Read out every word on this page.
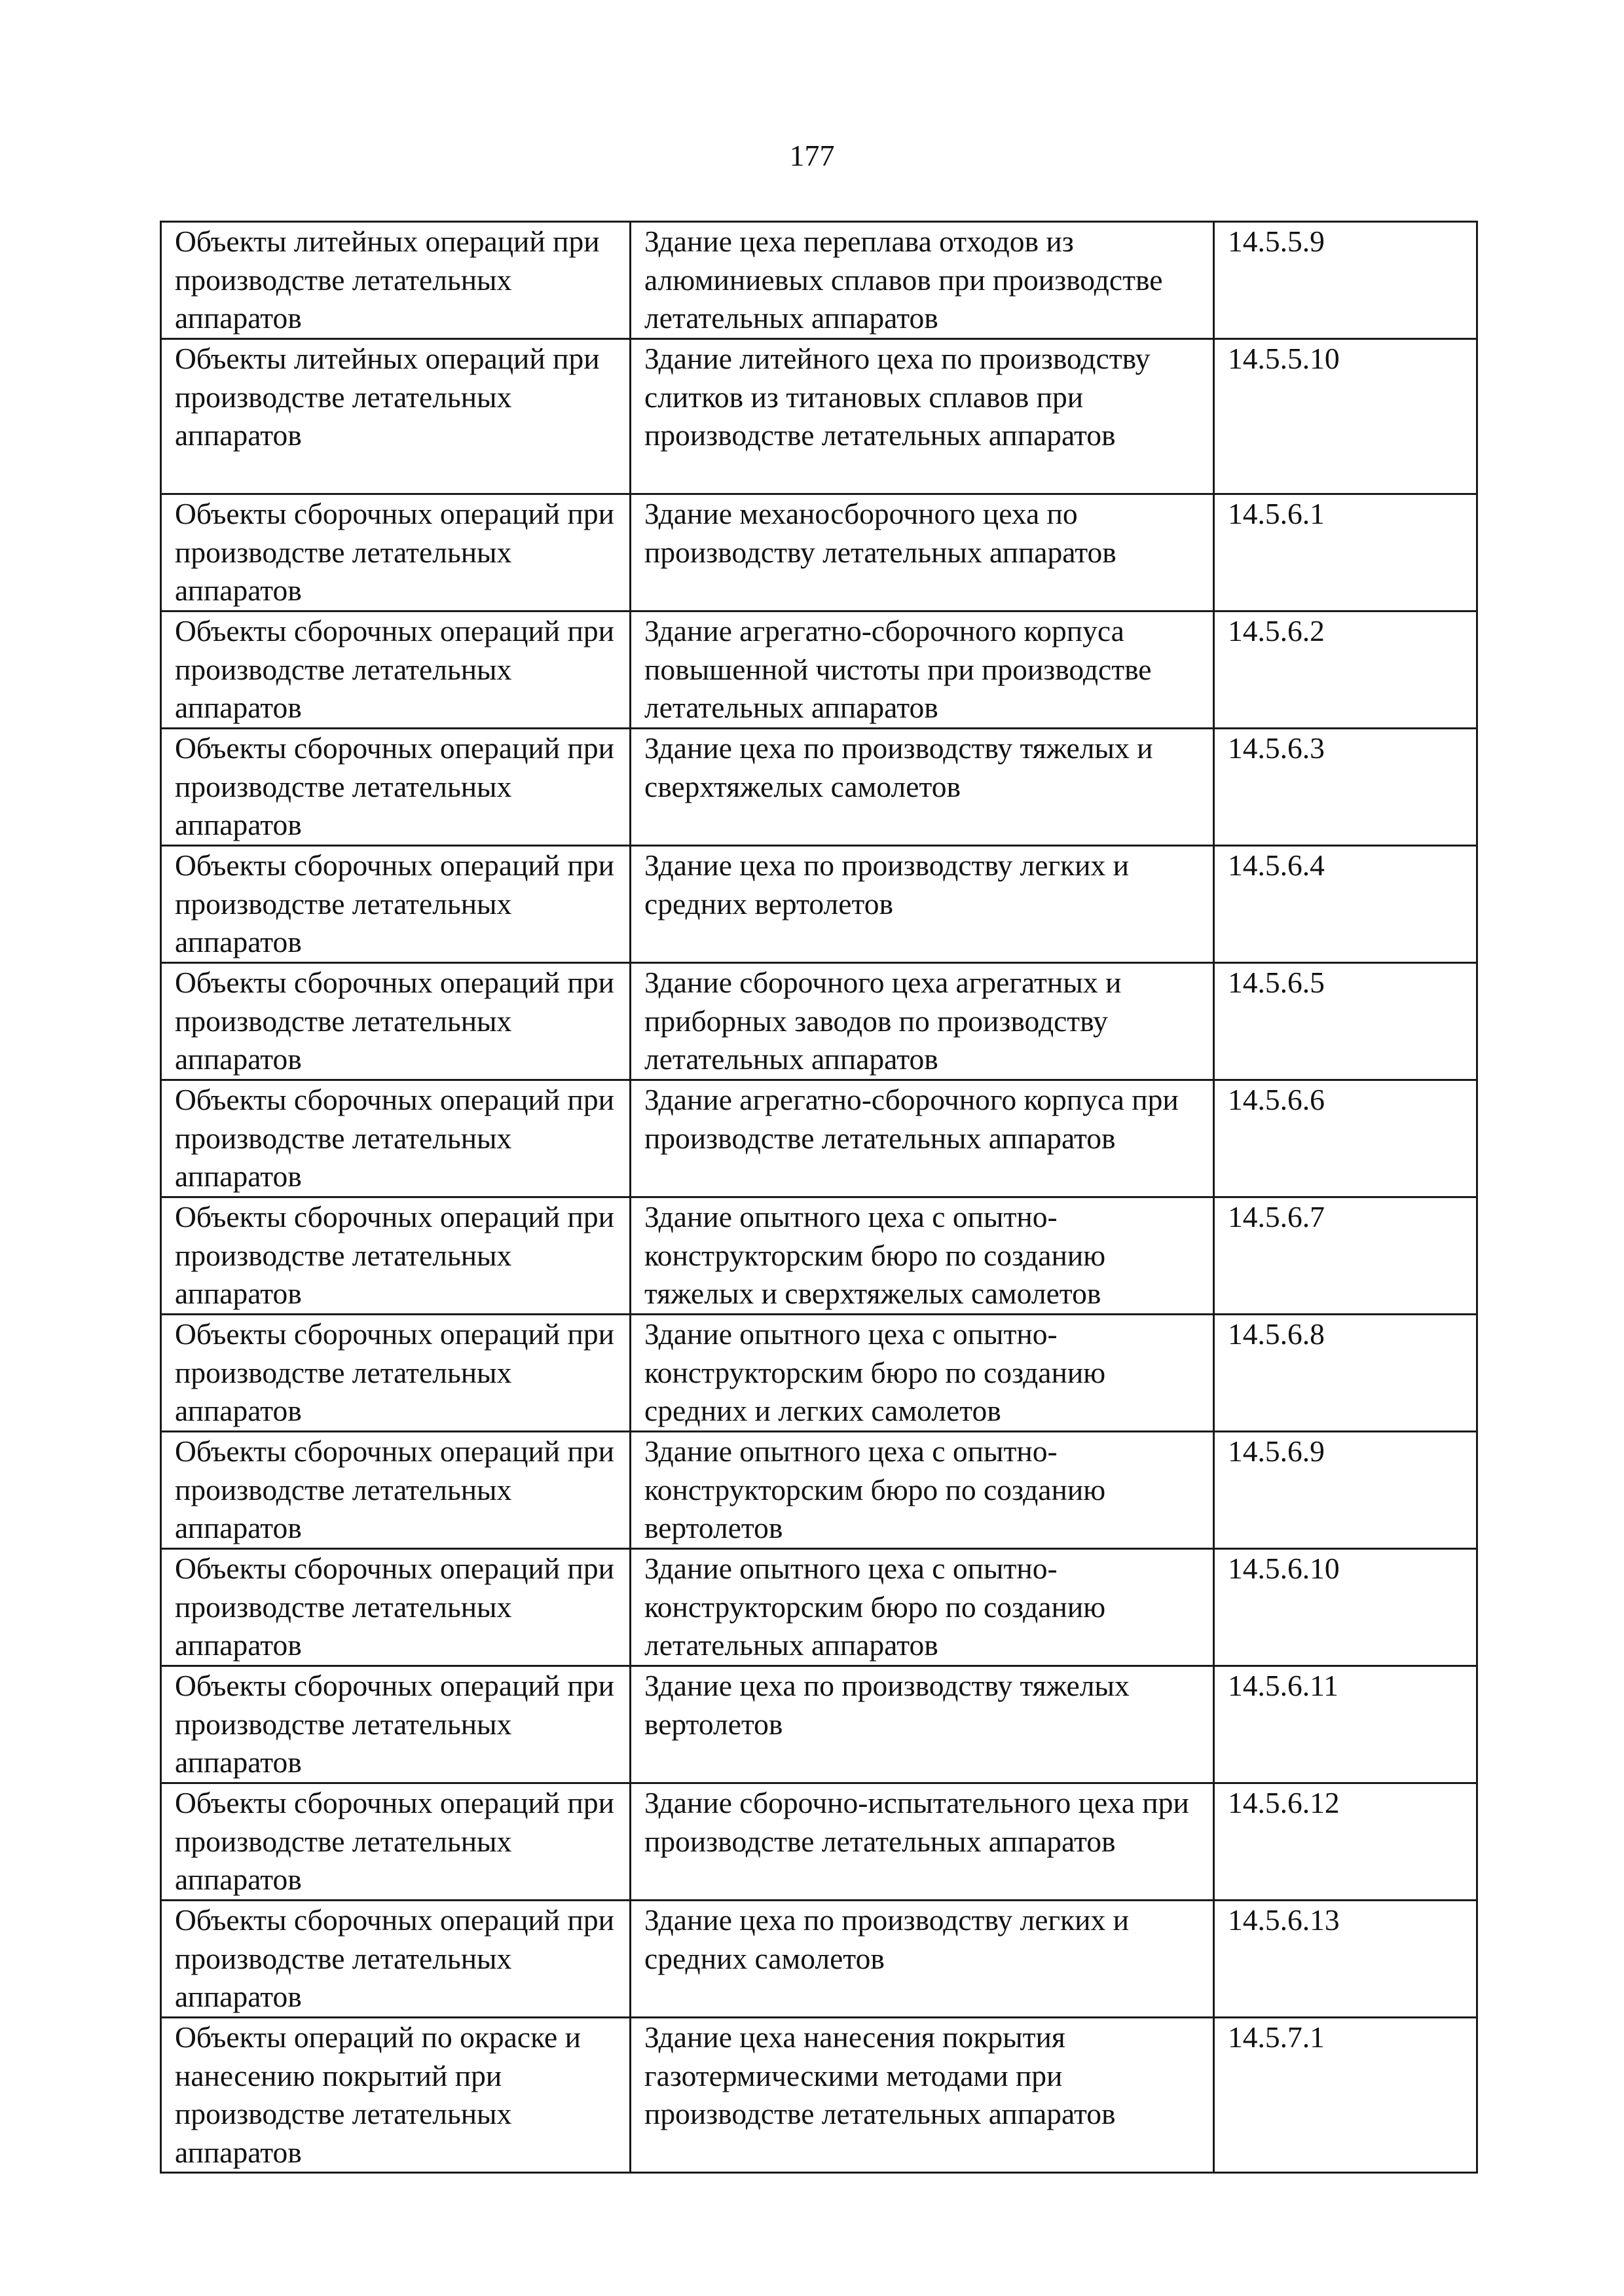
177
Объекты литейных операций при производстве летательных аппаратов	Здание цеха переплава отходов из алюминиевых сплавов при производстве летательных аппаратов	14.5.5.9
Объекты литейных операций при производстве летательных аппаратов	Здание литейного цеха по производству слитков из титановых сплавов при производстве летательных аппаратов	14.5.5.10
Объекты сборочных операций при производстве летательных аппаратов	Здание механосборочного цеха по производству летательных аппаратов	14.5.6.1
Объекты сборочных операций при производстве летательных аппаратов	Здание агрегатно-сборочного корпуса повышенной чистоты при производстве летательных аппаратов	14.5.6.2
Объекты сборочных операций при производстве летательных аппаратов	Здание цеха по производству тяжелых и сверхтяжелых самолетов	14.5.6.3
Объекты сборочных операций при производстве летательных аппаратов	Здание цеха по производству легких и средних вертолетов	14.5.6.4
Объекты сборочных операций при производстве летательных аппаратов	Здание сборочного цеха агрегатных и приборных заводов по производству летательных аппаратов	14.5.6.5
Объекты сборочных операций при производстве летательных аппаратов	Здание агрегатно-сборочного корпуса при производстве летательных аппаратов	14.5.6.6
Объекты сборочных операций при производстве летательных аппаратов	Здание опытного цеха с опытно-конструкторским бюро по созданию тяжелых и сверхтяжелых самолетов	14.5.6.7
Объекты сборочных операций при производстве летательных аппаратов	Здание опытного цеха с опытно-конструкторским бюро по созданию средних и легких самолетов	14.5.6.8
Объекты сборочных операций при производстве летательных аппаратов	Здание опытного цеха с опытно-конструкторским бюро по созданию вертолетов	14.5.6.9
Объекты сборочных операций при производстве летательных аппаратов	Здание опытного цеха с опытно-конструкторским бюро по созданию летательных аппаратов	14.5.6.10
Объекты сборочных операций при производстве летательных аппаратов	Здание цеха по производству тяжелых вертолетов	14.5.6.11
Объекты сборочных операций при производстве летательных аппаратов	Здание сборочно-испытательного цеха при производстве летательных аппаратов	14.5.6.12
Объекты сборочных операций при производстве летательных аппаратов	Здание цеха по производству легких и средних самолетов	14.5.6.13
Объекты операций по окраске и нанесению покрытий при производстве летательных аппаратов	Здание цеха нанесения покрытия газотермическими методами при производстве летательных аппаратов	14.5.7.1
